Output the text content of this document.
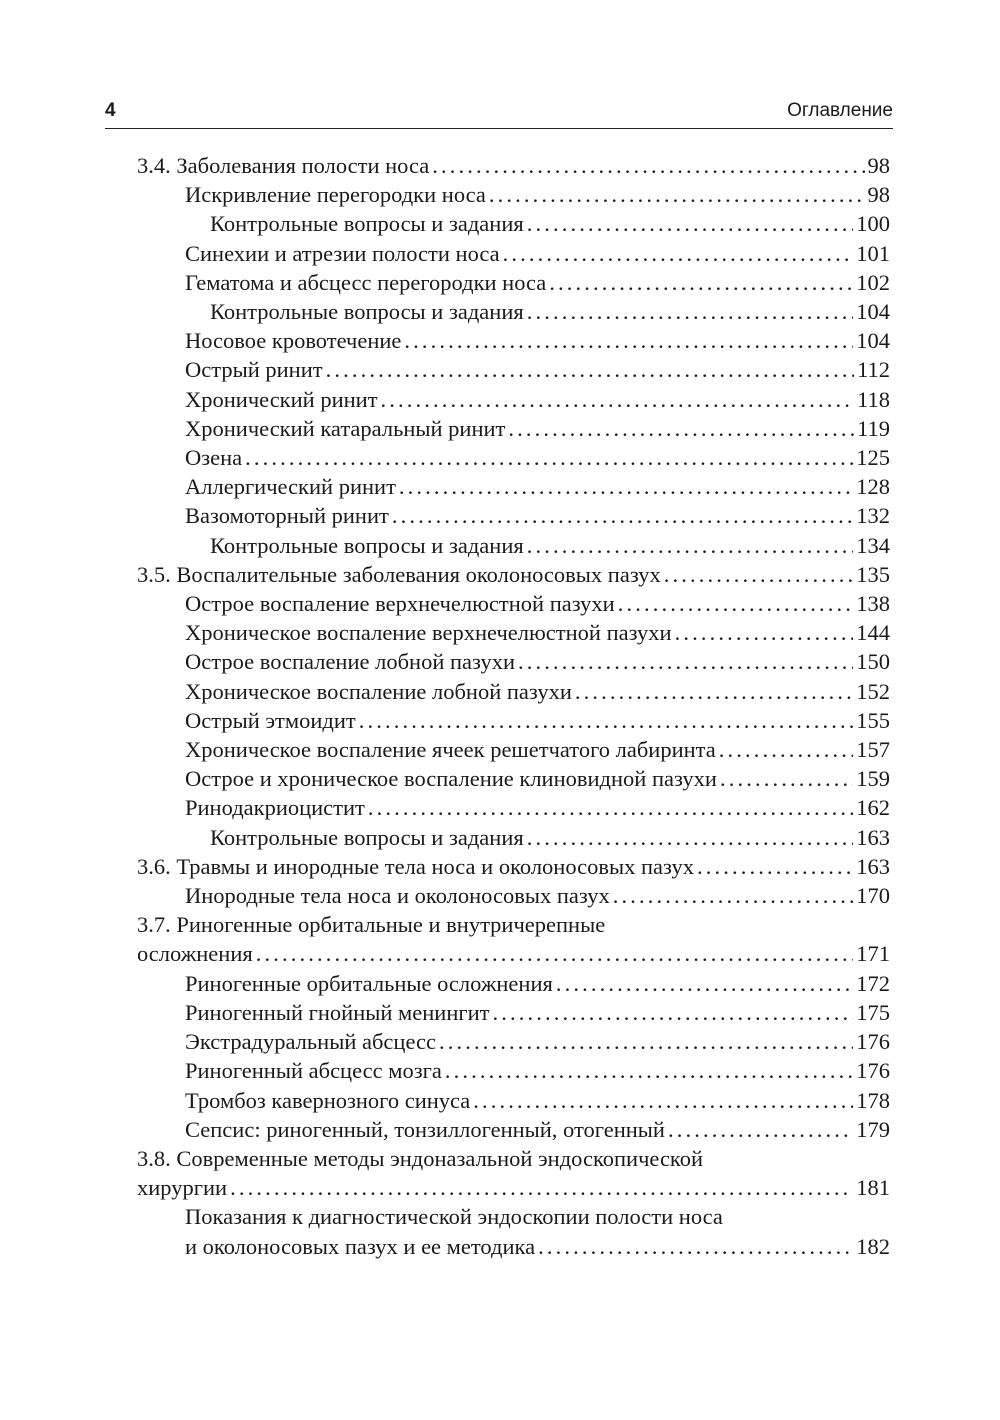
4	Оглавление
3.4. Заболевания полости носа . . .	98
Искривление перегородки носа . . .	98
Контрольные вопросы и задания . . .	100
Синехии и атрезии полости носа . . .	101
Гематома и абсцесс перегородки носа . . .	102
Контрольные вопросы и задания . . .	104
Носовое кровотечение . . .	104
Острый ринит . . .	112
Хронический ринит . . .	118
Хронический катаральный ринит . . .	119
Озена . . .	125
Аллергический ринит . . .	128
Вазомоторный ринит . . .	132
Контрольные вопросы и задания . . .	134
3.5. Воспалительные заболевания околоносовых пазух . . .	135
Острое воспаление верхнечелюстной пазухи . . .	138
Хроническое воспаление верхнечелюстной пазухи . . .	144
Острое воспаление лобной пазухи . . .	150
Хроническое воспаление лобной пазухи . . .	152
Острый этмоидит . . .	155
Хроническое воспаление ячеек решетчатого лабиринта . . .	157
Острое и хроническое воспаление клиновидной пазухи . . .	159
Ринодакриоцистит . . .	162
Контрольные вопросы и задания . . .	163
3.6. Травмы и инородные тела носа и околоносовых пазух . . .	163
Инородные тела носа и околоносовых пазух . . .	170
3.7. Риногенные орбитальные и внутричерепные
осложнения . . .	171
Риногенные орбитальные осложнения . . .	172
Риногенный гнойный менингит . . .	175
Экстрадуральный абсцесс . . .	176
Риногенный абсцесс мозга . . .	176
Тромбоз кавернозного синуса . . .	178
Сепсис: риногенный, тонзиллогенный, отогенный . . .	179
3.8. Современные методы эндоназальной эндоскопической
хирургии . . .	181
Показания к диагностической эндоскопии полости носа
и околоносовых пазух и ее методика . . .	182
